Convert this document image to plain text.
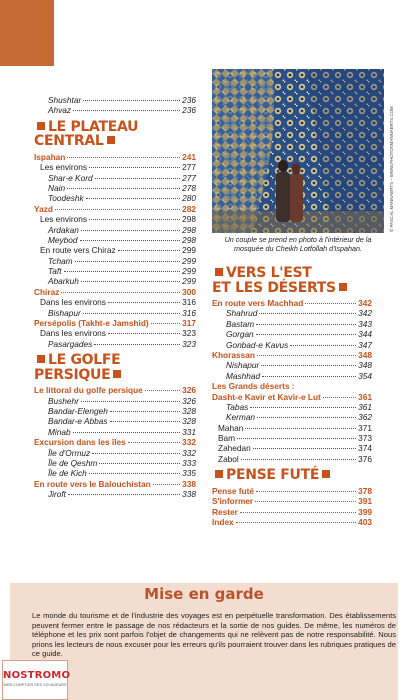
© PASCAL MANNAERTS – WWW.PHOTOSMANNAERTS.COM
Un couple se prend en photo à l'intérieur de la mosquée du Cheikh Lotfollah d'Ispahan.
Shushtar	236
Ahvaz	236
LE PLATEAU
CENTRAL
Ispahan	241
Les environs	277
Shar-e Kord	277
Nain	278
Toodeshk	280
Yazd	282
Les environs	298
Ardakan	298
Meybod	298
En route vers Chiraz	299
Tcham	299
Taft	299
Abarkuh	299
Chiraz	300
Dans les environs	316
Bishapur	316
Persépolis (Takht-e Jamshid)	317
Dans les environs	323
Pasargades	323
LE GOLFE PERSIQUE
Le littoral du golfe persique	326
Bushehr	326
Bandar-Elengeh	328
Bandar-e Abbas	328
Minab	331
Excursion dans les îles	332
Île d'Ormuz	332
Île de Qeshm	333
Île de Kich	335
En route vers le Balouchistan	338
Jiroft	338
VERS L'EST
ET LES DÉSERTS
En route vers Machhad	342
Shahrud	342
Bastam	343
Gorgan	344
Gonbad-e Kavus	347
Khorassan	348
Nishapur	348
Mashhad	354
Les Grands déserts :
Dasht-e Kavir et Kavir-e Lut	361
Tabas	361
Kerman	362
Mahan	371
Bam	373
Zahedan	374
Zabol	376
PENSE FUTÉ
Pense futé	378
S'informer	391
Rester	399
Index	403
Mise en garde
Le monde du tourisme et de l'industrie des voyages est en perpétuelle transformation. Des établissements peuvent fermer entre le passage de nos rédacteurs et la sortie de nos guides. De même, les numéros de téléphone et les prix sont parfois l'objet de changements qui ne relèvent pas de notre responsabilité. Nous prions les lecteurs de nous excuser pour les erreurs qu'ils pourraient trouver dans les rubriques pratiques de ce guide.
NOSTROMO
WEB COMPTOIR DES VOYAGEURS
